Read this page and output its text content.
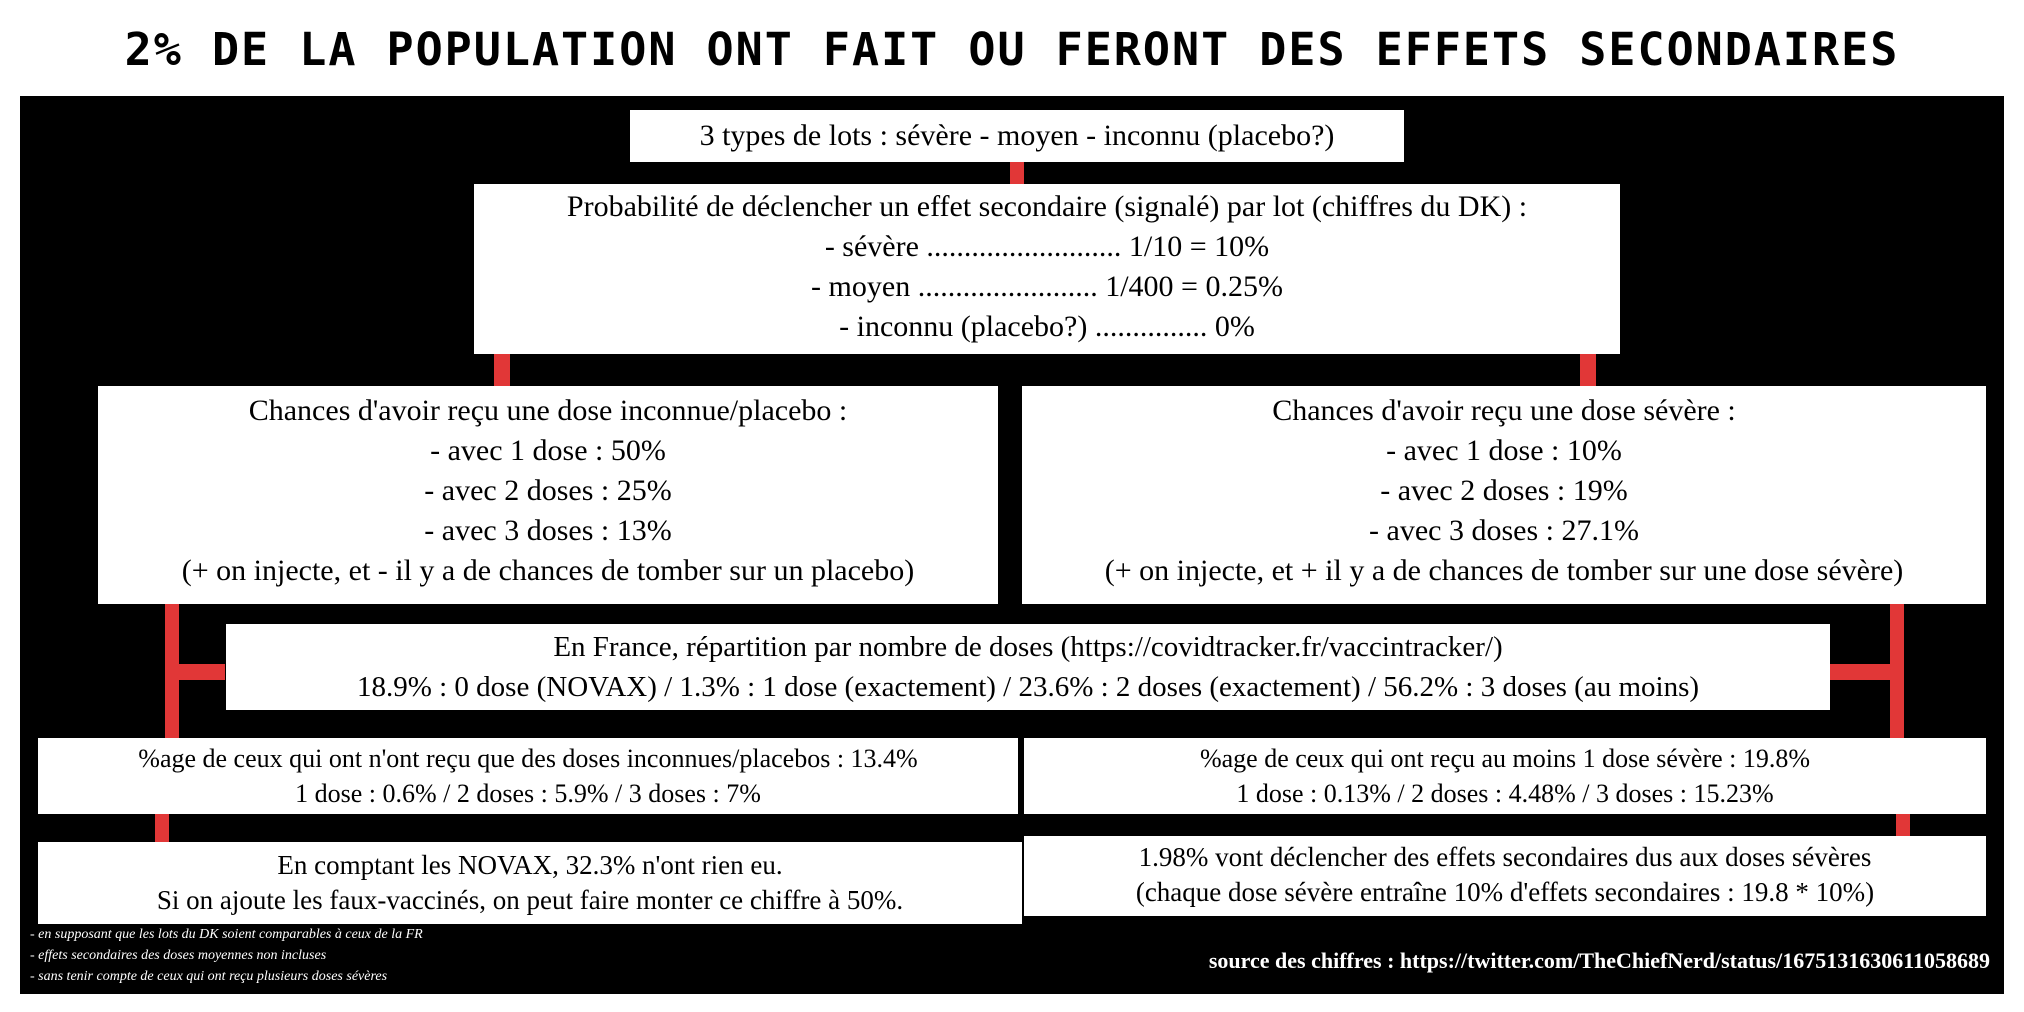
2% DE LA POPULATION ONT FAIT OU FERONT DES EFFETS SECONDAIRES
3 types de lots : sévère - moyen - inconnu (placebo?)
Probabilité de déclencher un effet secondaire (signalé) par lot (chiffres du DK) :
- sévère .......................... 1/10 = 10%
- moyen ........................ 1/400 = 0.25%
- inconnu (placebo?) ............... 0%
Chances d'avoir reçu une dose inconnue/placebo :
- avec 1 dose : 50%
- avec 2 doses : 25%
- avec 3 doses : 13%
(+ on injecte, et - il y a de chances de tomber sur un placebo)
Chances d'avoir reçu une dose sévère :
- avec 1 dose : 10%
- avec 2 doses : 19%
- avec 3 doses : 27.1%
(+ on injecte, et + il y a de chances de tomber sur une dose sévère)
En France, répartition par nombre de doses (https://covidtracker.fr/vaccintracker/)
18.9% : 0 dose (NOVAX) / 1.3% : 1 dose (exactement) / 23.6% : 2 doses (exactement) / 56.2% : 3 doses (au moins)
%age de ceux qui ont n'ont reçu que des doses inconnues/placebos : 13.4%
1 dose : 0.6% / 2 doses : 5.9% / 3 doses : 7%
%age de ceux qui ont reçu au moins 1 dose sévère : 19.8%
1 dose : 0.13% / 2 doses : 4.48% / 3 doses : 15.23%
En comptant les NOVAX, 32.3% n'ont rien eu.
Si on ajoute les faux-vaccinés, on peut faire monter ce chiffre à 50%.
1.98% vont déclencher des effets secondaires dus aux doses sévères
(chaque dose sévère entraîne 10% d'effets secondaires : 19.8 * 10%)
- en supposant que les lots du DK soient comparables à ceux de la FR
- effets secondaires des doses moyennes non incluses
- sans tenir compte de ceux qui ont reçu plusieurs doses sévères
source des chiffres : https://twitter.com/TheChiefNerd/status/1675131630611058689
